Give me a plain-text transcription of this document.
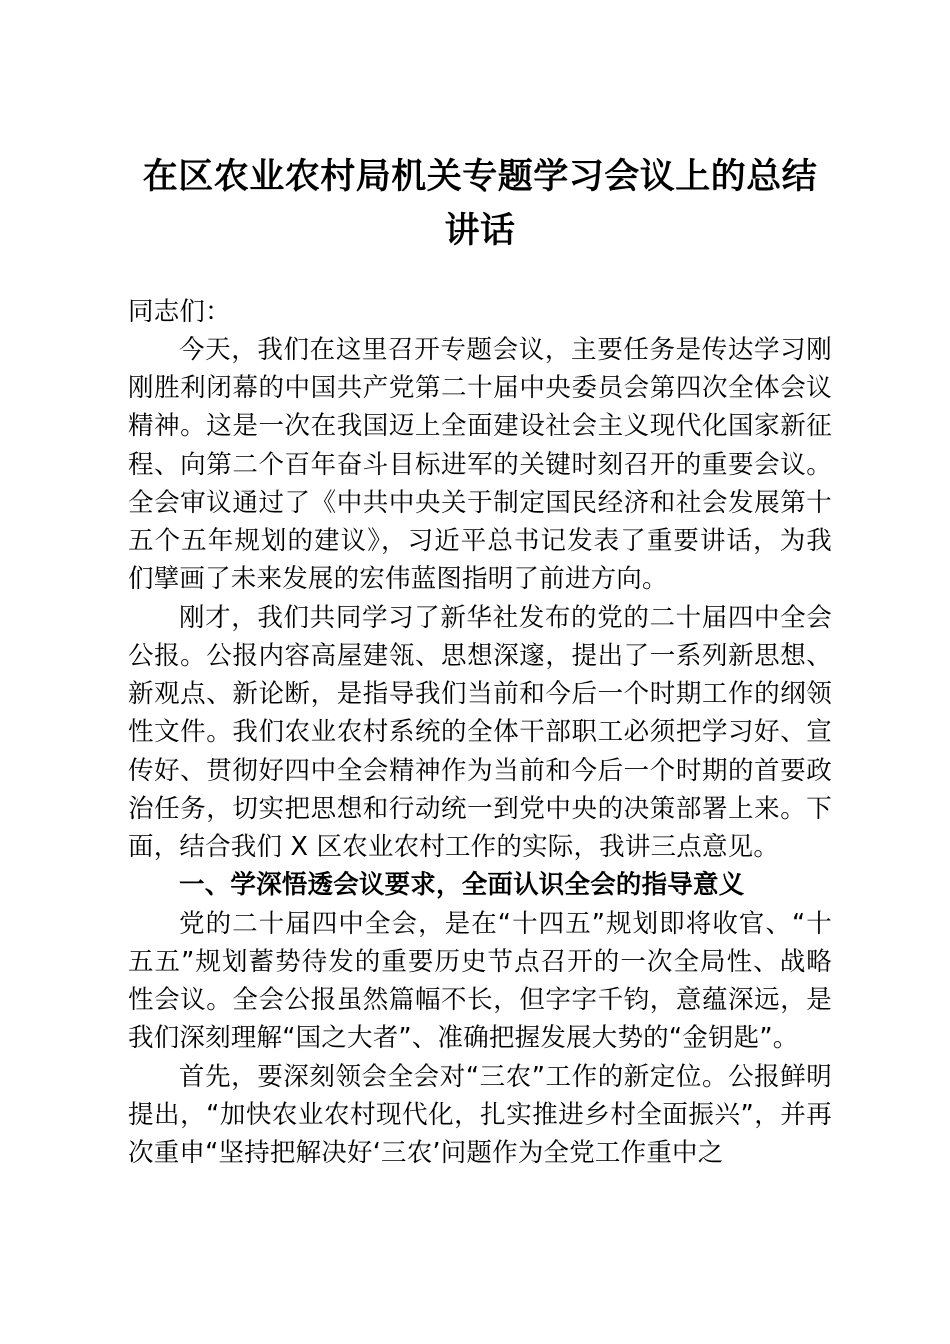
在区农业农村局机关专题学习会议上的总结讲话

同志们：

今天，我们在这里召开专题会议，主要任务是传达学习刚刚胜利闭幕的中国共产党第二十届中央委员会第四次全体会议精神。这是一次在我国迈上全面建设社会主义现代化国家新征程、向第二个百年奋斗目标进军的关键时刻召开的重要会议。全会审议通过了《中共中央关于制定国民经济和社会发展第十五个五年规划的建议》，习近平总书记发表了重要讲话，为我们擘画了未来发展的宏伟蓝图指明了前进方向。

刚才，我们共同学习了新华社发布的党的二十届四中全会公报。公报内容高屋建瓴、思想深邃，提出了一系列新思想、新观点、新论断，是指导我们当前和今后一个时期工作的纲领性文件。我们农业农村系统的全体干部职工必须把学习好、宣传好、贯彻好四中全会精神作为当前和今后一个时期的首要政治任务，切实把思想和行动统一到党中央的决策部署上来。下面，结合我们 X 区农业农村工作的实际，我讲三点意见。

一、学深悟透会议要求，全面认识全会的指导意义

党的二十届四中全会，是在“十四五”规划即将收官、“十五五”规划蓄势待发的重要历史节点召开的一次全局性、战略性会议。全会公报虽然篇幅不长，但字字千钧，意蕴深远，是我们深刻理解“国之大者”、准确把握发展大势的“金钥匙”。

首先，要深刻领会全会对“三农”工作的新定位。公报鲜明提出，“加快农业农村现代化，扎实推进乡村全面振兴”，并再次重申“坚持把解决好‘三农’问题作为全党工作重中之
